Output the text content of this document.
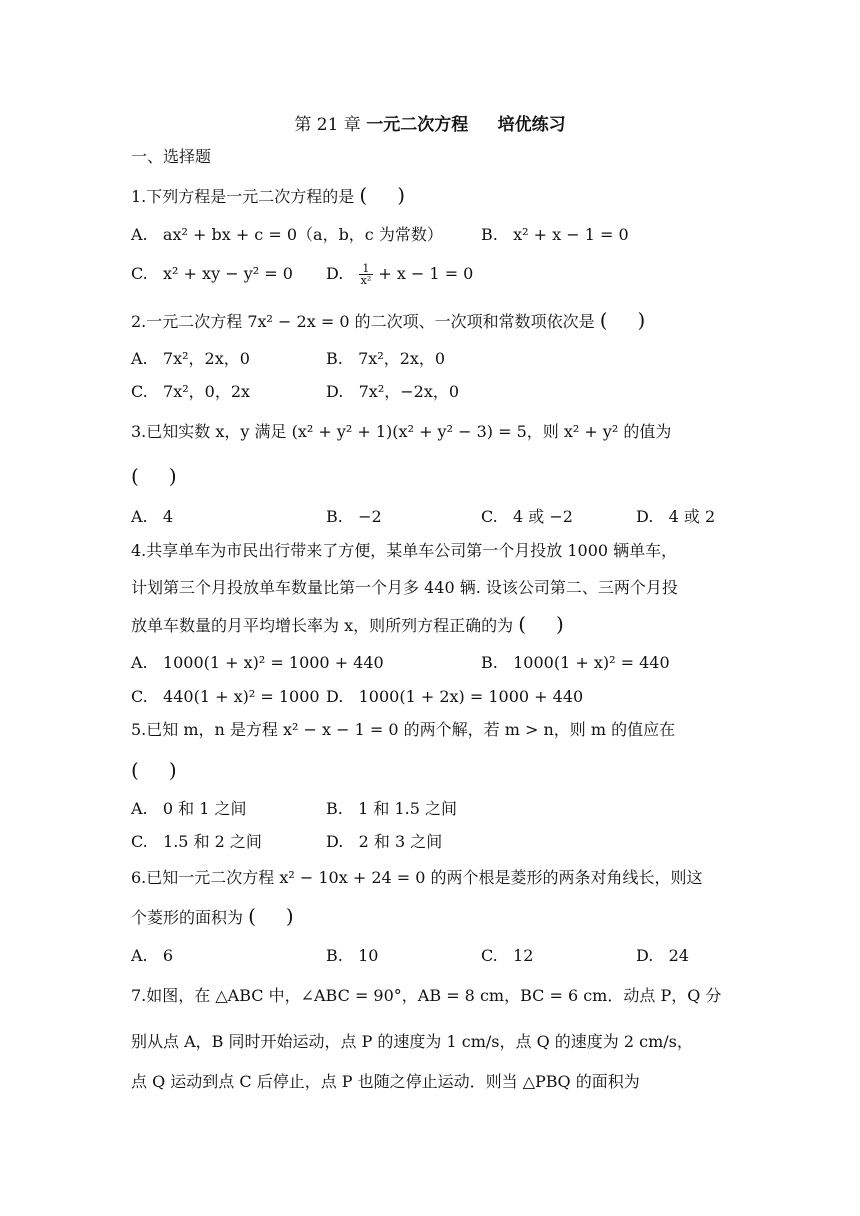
第 21 章 一元二次方程 培优练习
一、选择题
1.下列方程是一元二次方程的是 ( )
A. ax² + bx + c = 0（a，b，c 为常数） B. x² + x − 1 = 0
C. x² + xy − y² = 0 D. $\frac{1}{\text{x²}} + x - 1 = 0$
2.一元二次方程 7x² − 2x = 0 的二次项、一次项和常数项依次是 ( )
A. 7x²，2x，0	B. 7x²，2x，0
C. 7x²，0，2x	D. 7x²，−2x，0
3.已知实数 x，y 满足 (x² + y² + 1)(x² + y² − 3) = 5，则 x² + y² 的值为
( )
A. 4	B. −2	C. 4 或 −2	D. 4 或 2
4.共享单车为市民出行带来了方便，某单车公司第一个月投放 1000 辆单车，
计划第三个月投放单车数量比第一个月多 440 辆. 设该公司第二、三两个月投
放单车数量的月平均增长率为 x，则所列方程正确的为 ( )
A. 1000(1 + x)² = 1000 + 440	B. 1000(1 + x)² = 440
C. 440(1 + x)² = 1000 D. 1000(1 + 2x) = 1000 + 440
5.已知 m，n 是方程 x² − x − 1 = 0 的两个解，若 m > n，则 m 的值应在
( )
A. 0 和 1 之间	B. 1 和 1.5 之间
C. 1.5 和 2 之间	D. 2 和 3 之间
6.已知一元二次方程 x² − 10x + 24 = 0 的两个根是菱形的两条对角线长，则这
个菱形的面积为 ( )
A. 6	B. 10	C. 12	D. 24
7.如图，在 △ABC 中，∠ABC = 90°，AB = 8 cm，BC = 6 cm．动点 P，Q 分
别从点 A，B 同时开始运动，点 P 的速度为 1 cm/s，点 Q 的速度为 2 cm/s，
点 Q 运动到点 C 后停止，点 P 也随之停止运动．则当 △PBQ 的面积为
